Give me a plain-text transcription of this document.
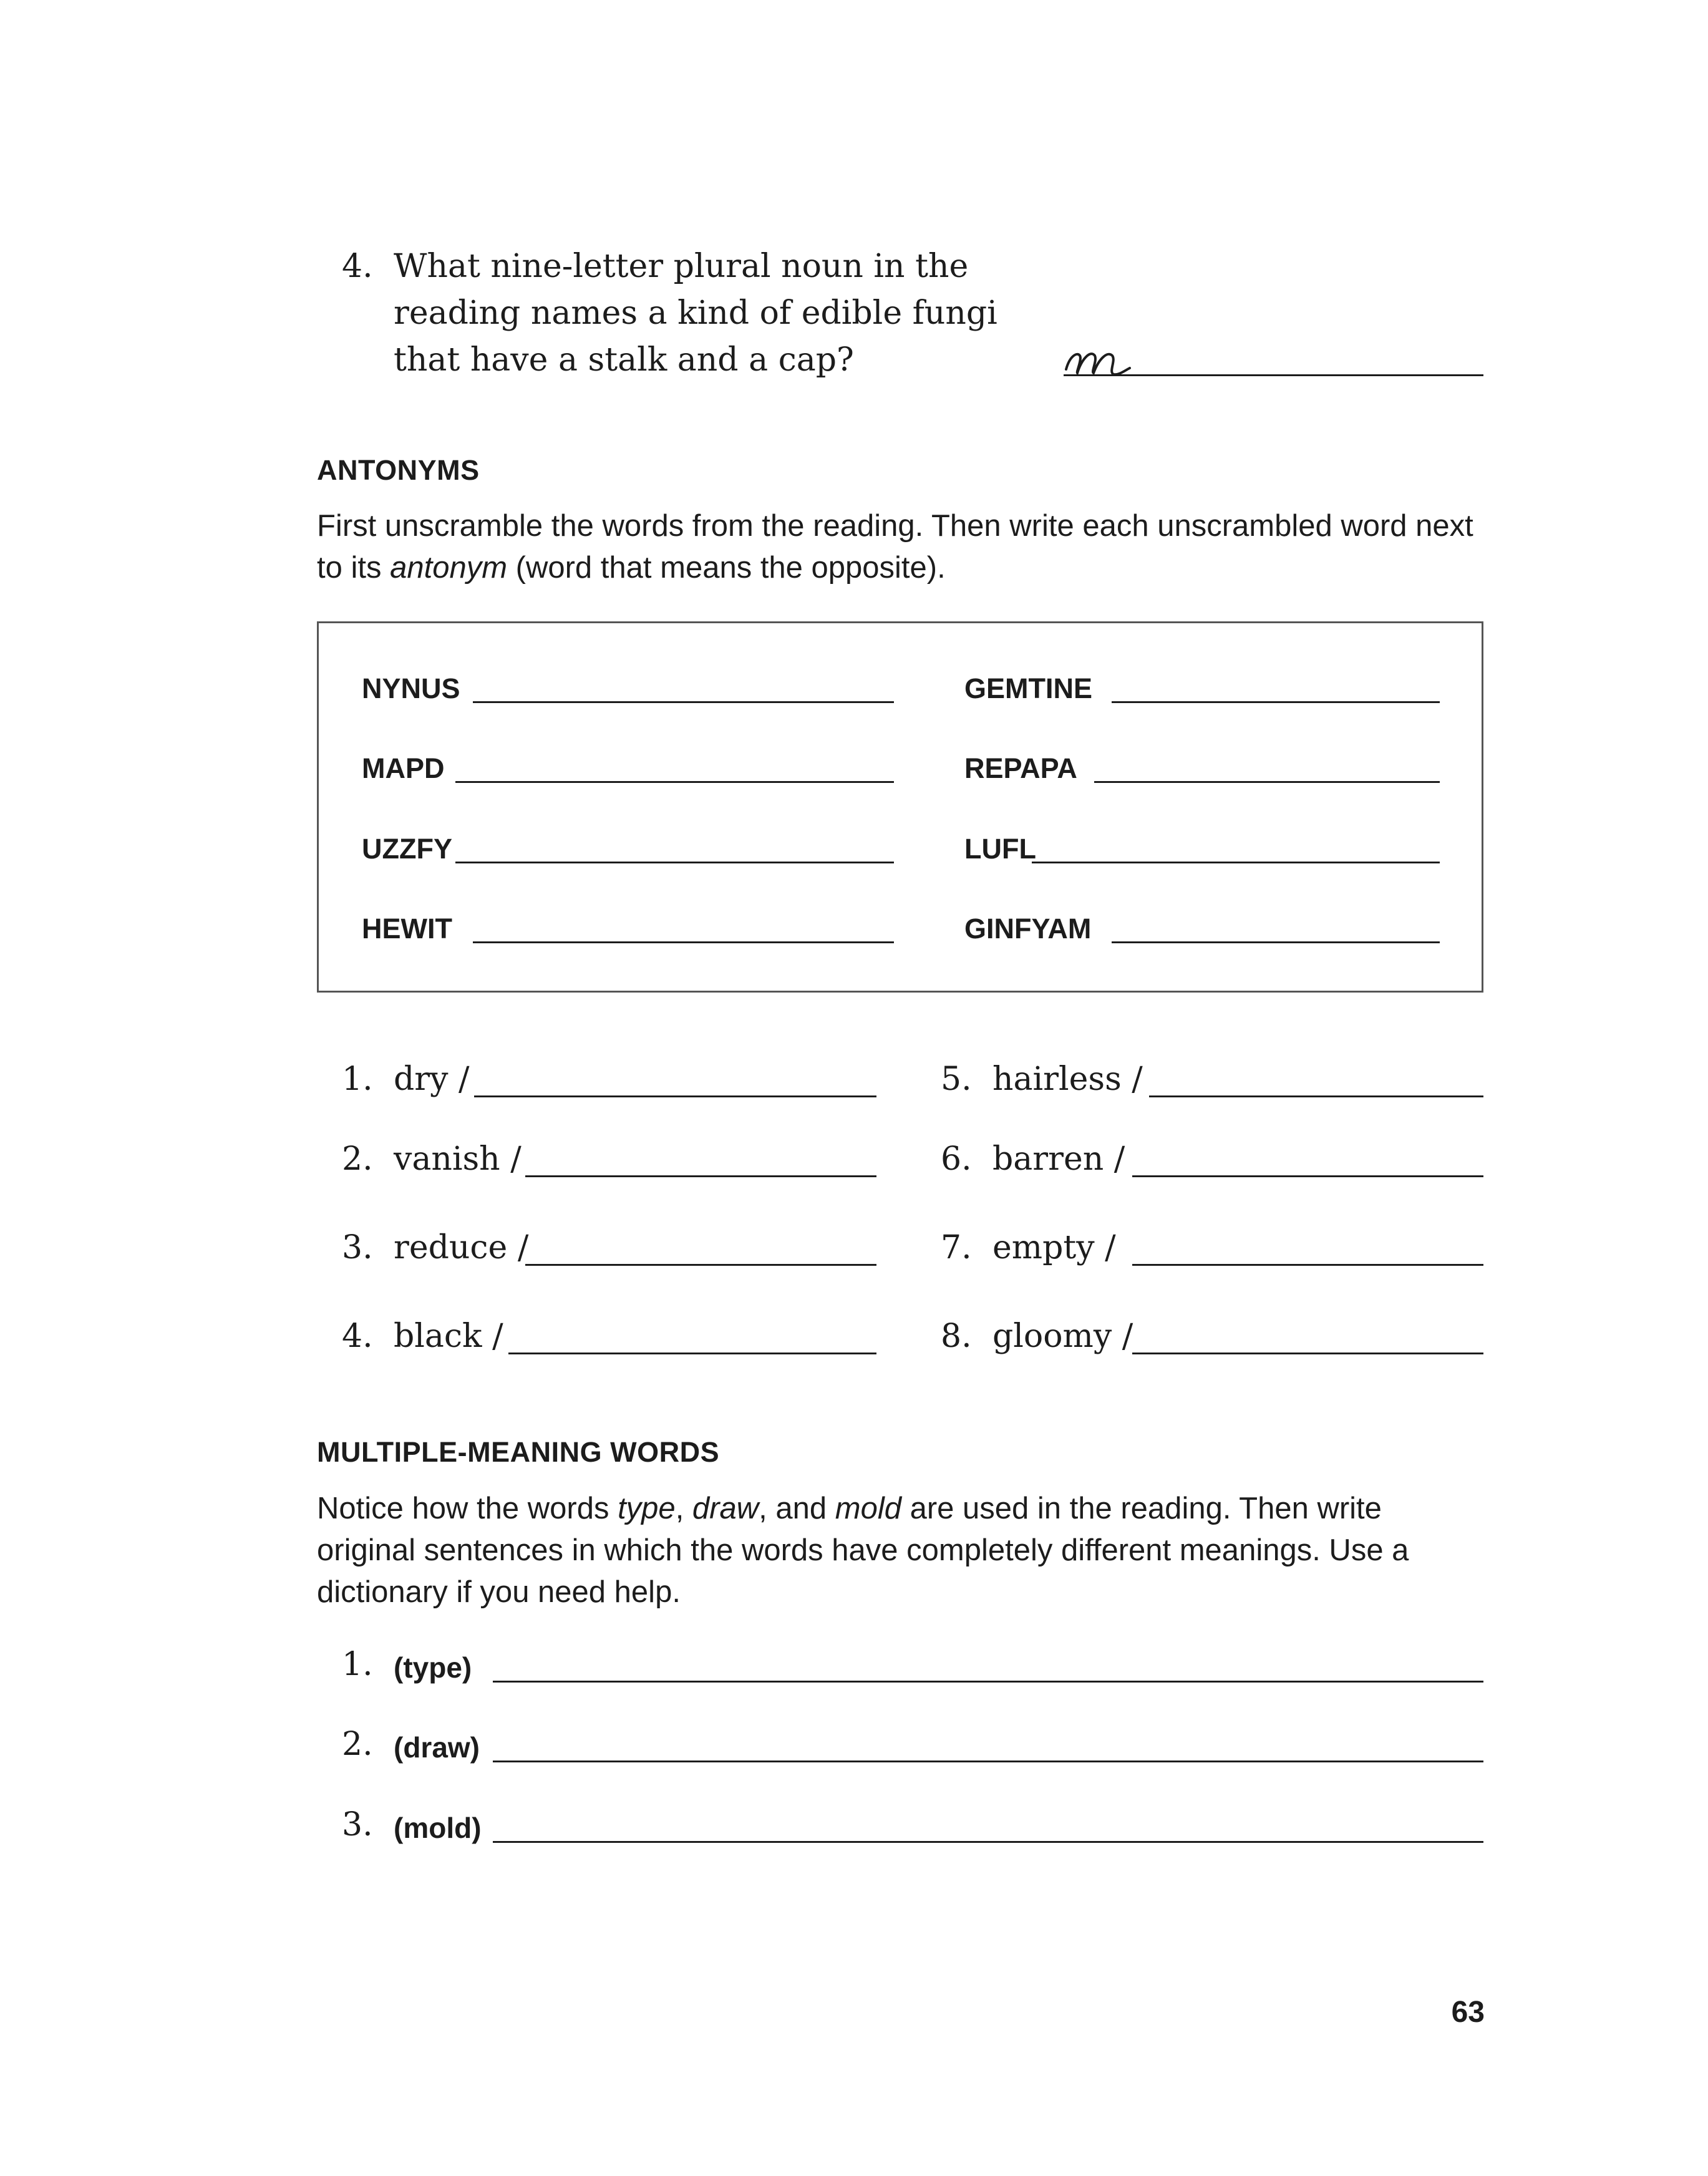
4. What nine-letter plural noun in the
reading names a kind of edible fungi
that have a stalk and a cap?
ANTONYMS
First unscramble the words from the reading. Then write each unscrambled word next
to its antonym (word that means the opposite).
NYNUS
MAPD
UZZFY
HEWIT
GEMTINE
REPAPA
LUFL
GINFYAM
1. dry /
2. vanish /
3. reduce /
4. black /
5. hairless /
6. barren /
7. empty /
8. gloomy /
MULTIPLE-MEANING WORDS
Notice how the words type, draw, and mold are used in the reading. Then write
original sentences in which the words have completely different meanings. Use a
dictionary if you need help.
1. (type)
2. (draw)
3. (mold)
63
